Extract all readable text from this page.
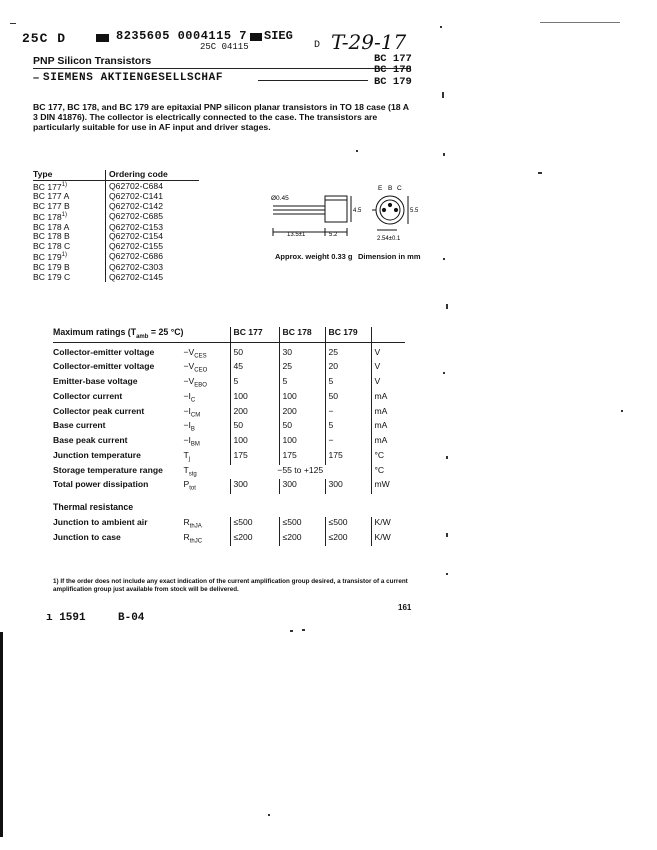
25C D	8235605 0004115 7 SIEG
25C 04115	D T-29-17
PNP Silicon Transistors	BC 177
BC 178
– SIEMENS AKTIENGESELLSCHAF	BC 179
BC 177, BC 178, and BC 179 are epitaxial PNP silicon planar transistors in TO 18 case (18 A 3 DIN 41876). The collector is electrically connected to the case. The transistors are particularly suitable for use in AF input and driver stages.
Type	Ordering code
BC 177$^{1)}$	Q62702-C684
BC 177 A	Q62702-C141
BC 177 B	Q62702-C142
BC 178$^{1)}$	Q62702-C685
BC 178 A	Q62702-C153
BC 178 B	Q62702-C154
BC 178 C	Q62702-C155
BC 179$^{1)}$	Q62702-C686
BC 179 B	Q62702-C303
BC 179 C	Q62702-C145
Ø0.45
13.5±1	5.2
4.5	5.5
2.54±0.1
E B C
Approx. weight 0.33 g Dimension in mm
Maximum ratings ($T_{amb} = 25$ °C)		BC 177	BC 178	BC 179	

Collector-emitter voltage	$-V_{CES}$	50	30	25	V
Collector-emitter voltage	$-V_{CEO}$	45	25	20	V
Emitter-base voltage	$-V_{EBO}$	5	5	5	V
Collector current	$-I_C$	100	100	50	mA
Collector peak current	$-I_{CM}$	200	200	−	mA
Base current	$-I_B$	50	50	5	mA
Base peak current	$-I_{BM}$	100	100	−	mA
Junction temperature	$T_j$	175	175	175	°C
Storage temperature range	$T_{stg}$	−55 to +125			°C
Total power dissipation	$P_{tot}$	300	300	300	mW

Thermal resistance					

Junction to ambient air	$R_{thJA}$	≤500	≤500	≤500	K/W
Junction to case	$R_{thJC}$	≤200	≤200	≤200	K/W
1) If the order does not include any exact indication of the current amplification group desired, a transistor of a current amplification group just available from stock will be delivered.
161
ı 1591	B-04
